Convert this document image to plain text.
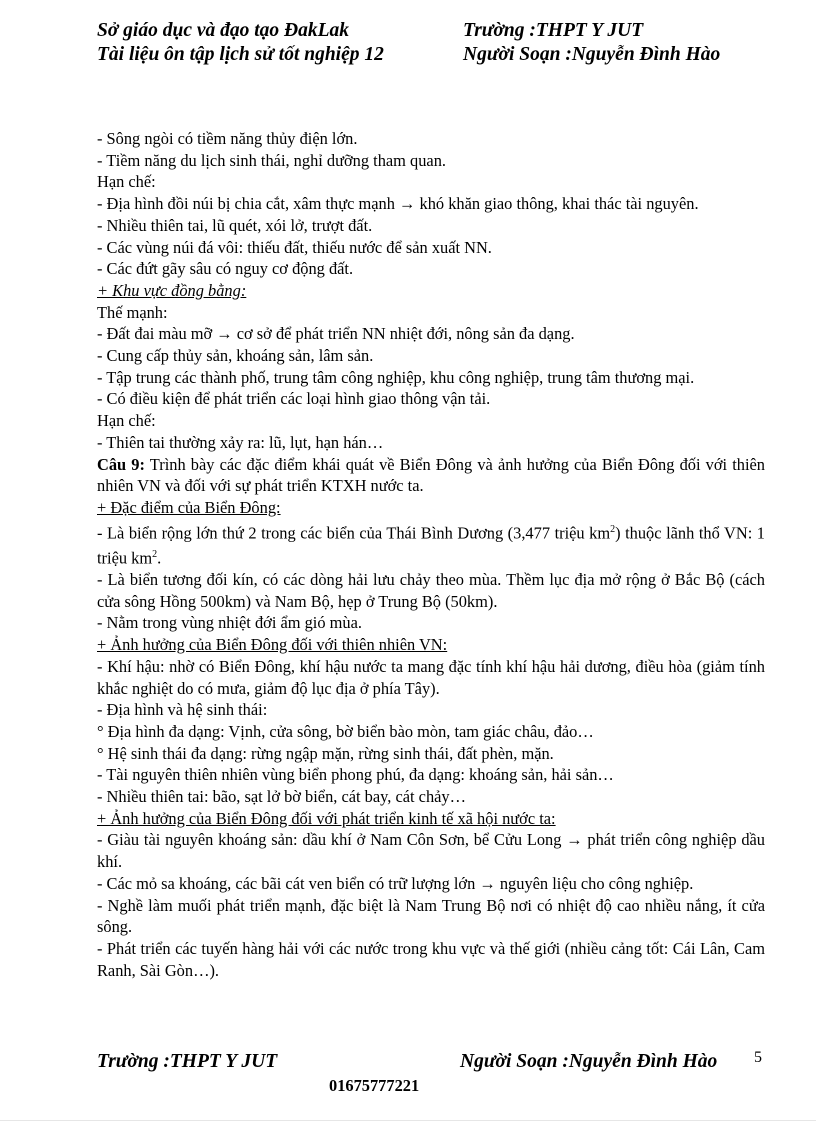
Sở giáo dục và đạo tạo ĐakLak
Tài liệu ôn tập lịch sử tốt nghiệp 12
Trường :THPT Y JUT
Người Soạn :Nguyễn Đình Hào

- Sông ngòi có tiềm năng thủy điện lớn.

- Tiềm năng du lịch sinh thái, nghỉ dưỡng tham quan.

Hạn chế:

- Địa hình đồi núi bị chia cắt, xâm thực mạnh → khó khăn giao thông, khai thác tài nguyên.

- Nhiều thiên tai, lũ quét, xói lở, trượt đất.

- Các vùng núi đá vôi: thiếu đất, thiếu nước để sản xuất NN.

- Các đứt gãy sâu có nguy cơ động đất.

+ Khu vực đồng bằng:

Thế mạnh:

- Đất đai màu mỡ → cơ sở để phát triển NN nhiệt đới, nông sản đa dạng.

- Cung cấp thủy sản, khoáng sản, lâm sản.

- Tập trung các thành phố, trung tâm công nghiệp, khu công nghiệp, trung tâm thương mại.

- Có điều kiện để phát triển các loại hình giao thông vận tải.

Hạn chế:

- Thiên tai thường xảy ra: lũ, lụt, hạn hán…

Câu 9: Trình bày các đặc điểm khái quát về Biển Đông và ảnh hưởng của Biển Đông đối với thiên nhiên VN và đối với sự phát triển KTXH nước ta.

+ Đặc điểm của Biển Đông:

- Là biển rộng lớn thứ 2 trong các biển của Thái Bình Dương (3,477 triệu $km^2$) thuộc lãnh thổ VN: 1 triệu $km^2$.

- Là biển tương đối kín, có các dòng hải lưu chảy theo mùa. Thềm lục địa mở rộng ở Bắc Bộ (cách cửa sông Hồng 500km) và Nam Bộ, hẹp ở Trung Bộ (50km).

- Nằm trong vùng nhiệt đới ẩm gió mùa.

+ Ảnh hưởng của Biển Đông đối với thiên nhiên VN:

- Khí hậu: nhờ có Biển Đông, khí hậu nước ta mang đặc tính khí hậu hải dương, điều hòa (giảm tính khắc nghiệt do có mưa, giảm độ lục địa ở phía Tây).

- Địa hình và hệ sinh thái:

° Địa hình đa dạng: Vịnh, cửa sông, bờ biển bào mòn, tam giác châu, đảo…

° Hệ sinh thái đa dạng: rừng ngập mặn, rừng sinh thái, đất phèn, mặn.

- Tài nguyên thiên nhiên vùng biển phong phú, đa dạng: khoáng sản, hải sản…

- Nhiều thiên tai: bão, sạt lở bờ biển, cát bay, cát chảy…

+ Ảnh hưởng của Biển Đông đối với phát triển kinh tế xã hội nước ta:

- Giàu tài nguyên khoáng sản: dầu khí ở Nam Côn Sơn, bể Cửu Long → phát triển công nghiệp dầu khí.

- Các mỏ sa khoáng, các bãi cát ven biển có trữ lượng lớn → nguyên liệu cho công nghiệp.

- Nghề làm muối phát triển mạnh, đặc biệt là Nam Trung Bộ nơi có nhiệt độ cao nhiều nắng, ít cửa sông.

- Phát triển các tuyến hàng hải với các nước trong khu vực và thế giới (nhiều cảng tốt: Cái Lân, Cam Ranh, Sài Gòn…).

Trường :THPT Y JUT	Người Soạn :Nguyễn Đình Hào 5
01675777221
